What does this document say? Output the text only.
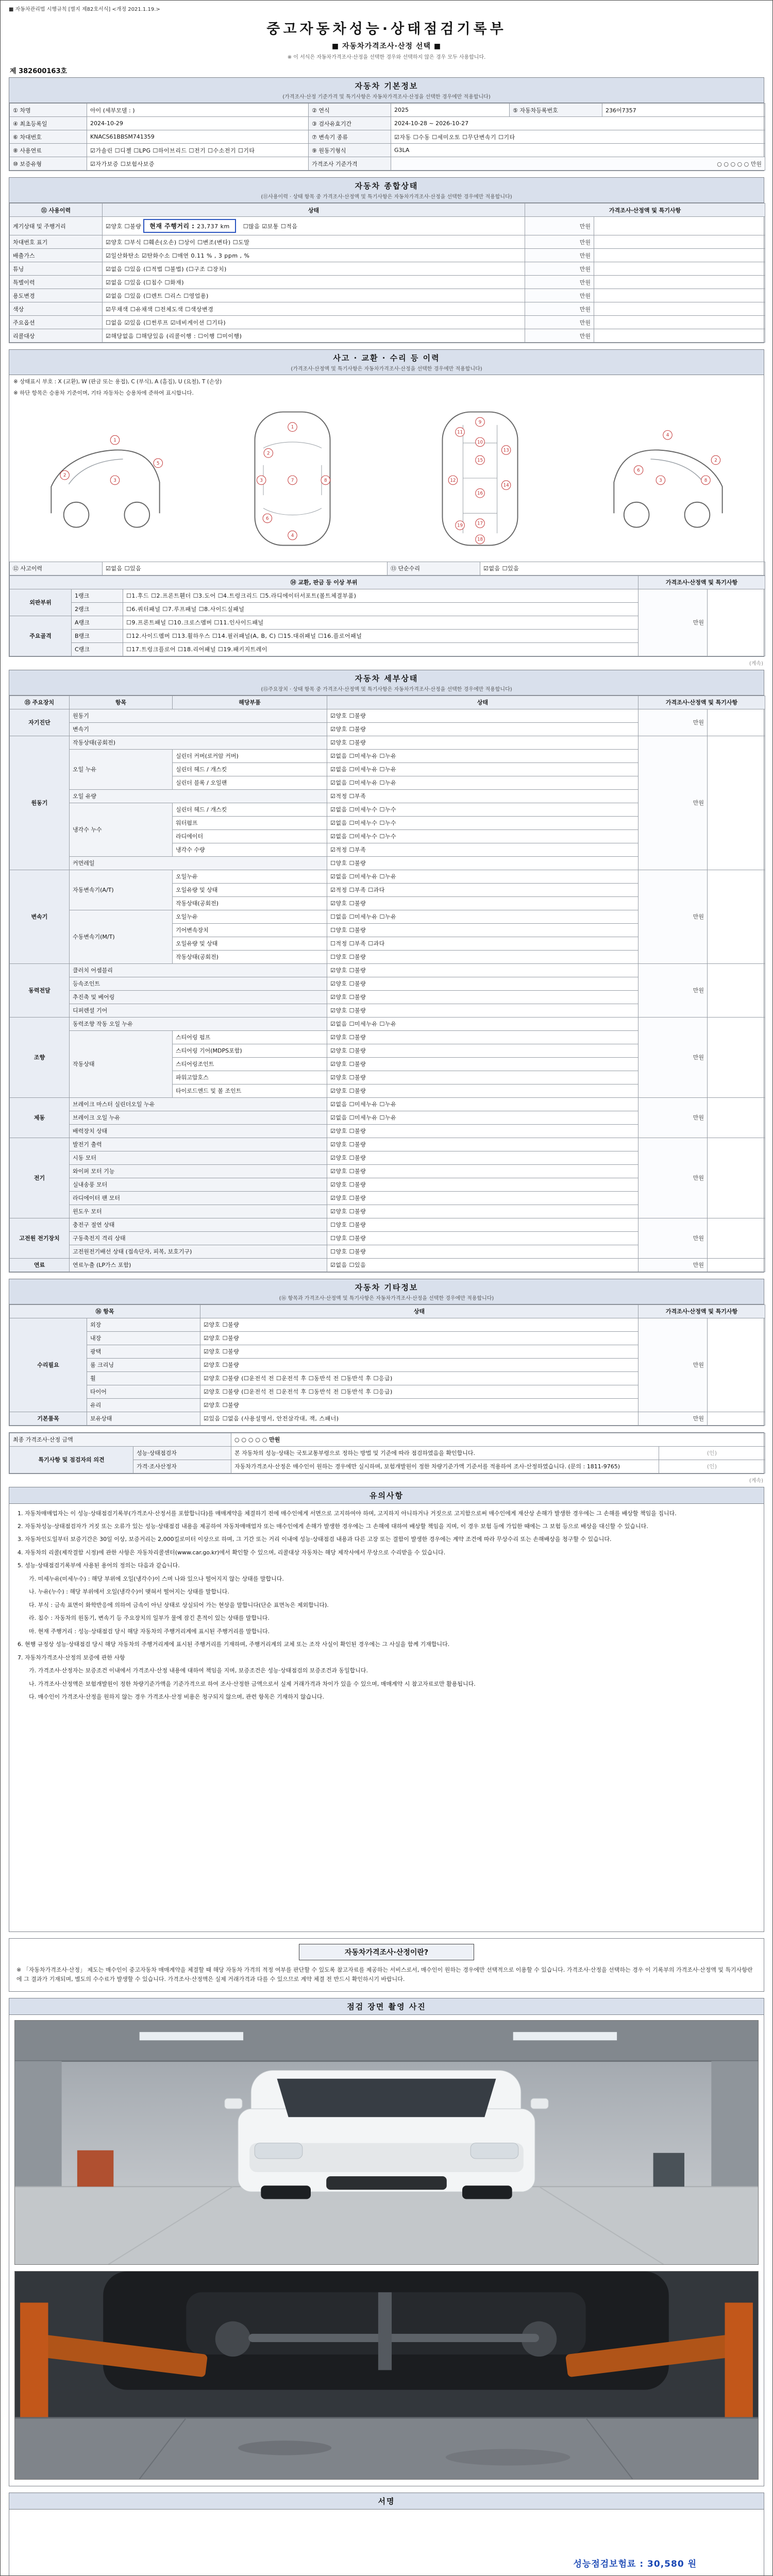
■ 자동차관리법 시행규칙 [별지 제82호서식] <개정 2021.1.19.>
중고자동차성능·상태점검기록부
■ 자동차가격조사·산정 선택 ■
※ 이 서식은 자동차가격조사·산정을 선택한 경우와 선택하지 않은 경우 모두 사용합니다.
제 382600163호
자동차 기본정보
(가격조사·산정 기준가격 및 특기사항은 자동차가격조사·산정을 선택한 경우에만 적용합니다)
① 차명	아이 (세부모델 : )	② 연식	2025	⑤ 자동차등록번호	236어7357
④ 최초등록일	2024-10-29	③ 검사유효기간	2024-10-28 ~ 2026-10-27		
⑥ 차대번호	KNACS61BBSM741359	⑦ 변속기 종류	☑자동 ☐수동 ☐세미오토 ☐무단변속기 ☐기타		
⑧ 사용연료	☑가솔린 ☐디젤 ☐LPG ☐하이브리드 ☐전기 ☐수소전기 ☐기타	⑨ 원동기형식	G3LA		
⑩ 보증유형	☑자가보증 ☐보험사보증	가격조사 기준가격	○ ○ ○ ○ ○ 만원		
자동차 종합상태
(⑪사용이력 · 상태 항목 중 가격조사·산정액 및 특기사항은 자동차가격조사·산정을 선택한 경우에만 적용합니다)
⑪ 사용이력	상태	가격조사·산정액 및 특기사항	
계기상태 및 주행거리	☑양호 ☐불량 현재 주행거리 : 23,737 km ☐많음 ☑보통 ☐적음	만원	
차대번호 표기	☑양호 ☐부식 ☐훼손(오손) ☐상이 ☐변조(변타) ☐도말	만원	
배출가스	☑일산화탄소 ☑탄화수소 ☐매연 0.11 % , 3 ppm , %	만원	
튜닝	☑없음 ☐있음 (☐적법 ☐불법) (☐구조 ☐장치)	만원	
특별이력	☑없음 ☐있음 (☐침수 ☐화재)	만원	
용도변경	☑없음 ☐있음 (☐렌트 ☐리스 ☐영업용)	만원	
색상	☑무채색 ☐유채색 ☐전체도색 ☐색상변경	만원	
주요옵션	☐없음 ☑있음 (☐썬루프 ☑네비게이션 ☐기타)	만원	
리콜대상	☑해당없음 ☐해당있음 (리콜이행 : ☐이행 ☐미이행)	만원	
사고 · 교환 · 수리 등 이력
(가격조사·산정액 및 특기사항은 자동차가격조사·산정을 선택한 경우에만 적용합니다)
※ 상태표시 부호 : X (교환), W (판금 또는 용접), C (부식), A (흠집), U (요철), T (손상)
※ 하단 항목은 승용차 기준이며, 기타 자동차는 승용차에 준하여 표시합니다.
1
2
3
5
1
2
3
4
6
7	8
9
10
11
12
13
14
15
16
17
18
19
3
4
6
8
2
⑫ 사고이력	☑없음 ☐있음	⑬ 단순수리	☑없음 ☐있음
⑭ 교환, 판금 등 이상 부위			가격조사·산정액 및 특기사항	
외판부위	1랭크	☐1.후드 ☐2.프론트휀더 ☐3.도어 ☐4.트렁크리드 ☐5.라디에이터서포트(볼트체결부품)	만원	
	2랭크	☐6.쿼터패널 ☐7.루프패널 ☐8.사이드실패널		
주요골격	A랭크	☐9.프론트패널 ☐10.크로스멤버 ☐11.인사이드패널		
	B랭크	☐12.사이드멤버 ☐13.휠하우스 ☐14.필러패널(A, B, C) ☐15.대쉬패널 ☐16.플로어패널		
	C랭크	☐17.트렁크플로어 ☐18.리어패널 ☐19.패키지트레이		
(계속)
자동차 세부상태
(⑮주요장치 · 상태 항목 중 가격조사·산정액 및 특기사항은 자동차가격조사·산정을 선택한 경우에만 적용합니다)
⑮ 주요장치	항목	해당부품	상태	가격조사·산정액 및 특기사항	
자기진단	원동기		☑양호 ☐불량	만원	
	변속기		☑양호 ☐불량		
원동기	작동상태(공회전)		☑양호 ☐불량	만원	
	오일 누유	실린더 커버(로커암 커버)	☑없음 ☐미세누유 ☐누유		
		실린더 헤드 / 개스킷	☑없음 ☐미세누유 ☐누유		
		실린더 블록 / 오일팬	☑없음 ☐미세누유 ☐누유		
	오일 유량		☑적정 ☐부족		
	냉각수 누수	실린더 헤드 / 개스킷	☑없음 ☐미세누수 ☐누수		
		워터펌프	☑없음 ☐미세누수 ☐누수		
		라디에이터	☑없음 ☐미세누수 ☐누수		
		냉각수 수량	☑적정 ☐부족		
	커먼레일		☐양호 ☐불량		
변속기	자동변속기(A/T)	오일누유	☑없음 ☐미세누유 ☐누유	만원	
		오일유량 및 상태	☑적정 ☐부족 ☐과다		
		작동상태(공회전)	☑양호 ☐불량		
	수동변속기(M/T)	오일누유	☐없음 ☐미세누유 ☐누유		
		기어변속장치	☐양호 ☐불량		
		오일유량 및 상태	☐적정 ☐부족 ☐과다		
		작동상태(공회전)	☐양호 ☐불량		
동력전달	클러치 어셈블리		☑양호 ☐불량	만원	
	등속조인트		☑양호 ☐불량		
	추진축 및 베어링		☑양호 ☐불량		
	디퍼렌셜 기어		☑양호 ☐불량		
조향	동력조향 작동 오일 누유		☑없음 ☐미세누유 ☐누유	만원	
	작동상태	스티어링 펌프	☑양호 ☐불량		
		스티어링 기어(MDPS포함)	☑양호 ☐불량		
		스티어링조인트	☑양호 ☐불량		
		파워고압호스	☑양호 ☐불량		
		타이로드엔드 및 볼 조인트	☑양호 ☐불량		
제동	브레이크 마스터 실린더오일 누유		☑없음 ☐미세누유 ☐누유	만원	
	브레이크 오일 누유		☑없음 ☐미세누유 ☐누유		
	배력장치 상태		☑양호 ☐불량		
전기	발전기 출력		☑양호 ☐불량	만원	
	시동 모터		☑양호 ☐불량		
	와이퍼 모터 기능		☑양호 ☐불량		
	실내송풍 모터		☑양호 ☐불량		
	라디에이터 팬 모터		☑양호 ☐불량		
	윈도우 모터		☑양호 ☐불량		
고전원 전기장치	충전구 절연 상태		☐양호 ☐불량	만원	
	구동축전지 격리 상태		☐양호 ☐불량		
	고전원전기배선 상태 (접속단자, 피복, 보호기구)		☐양호 ☐불량		
연료	연료누출 (LP가스 포함)		☑없음 ☐있음	만원	
자동차 기타정보
(⑯ 항목과 가격조사·산정액 및 특기사항은 자동차가격조사·산정을 선택한 경우에만 적용합니다)
⑯ 항목		상태	가격조사·산정액 및 특기사항	
수리필요	외장	☑양호 ☐불량	만원	
	내장	☑양호 ☐불량		
	광택	☑양호 ☐불량		
	룸 크리닝	☑양호 ☐불량		
	휠	☑양호 ☐불량 (☐운전석 전 ☐운전석 후 ☐동반석 전 ☐동반석 후 ☐응급)		
	타이어	☑양호 ☐불량 (☐운전석 전 ☐운전석 후 ☐동반석 전 ☐동반석 후 ☐응급)		
	유리	☑양호 ☐불량		
기본품목	보유상태	☑있음 ☐없음 (사용설명서, 안전삼각대, 잭, 스패너)	만원	
최종 가격조사·산정 금액		○ ○ ○ ○ ○ 만원	
특기사항 및 점검자의 의견	성능·상태점검자	본 자동차의 성능·상태는 국토교통부령으로 정하는 방법 및 기준에 따라 점검하였음을 확인합니다.	(인)
	가격·조사산정자	자동차가격조사·산정은 매수인이 원하는 경우에만 실시하며, 보험개발원이 정한 차량기준가액 기준서를 적용하여 조사·산정하였습니다. (문의 : 1811-9765)	(인)
(계속)
유의사항
1. 자동차매매업자는 이 성능·상태점검기록부(가격조사·산정서를 포함합니다)를 매매계약을 체결하기 전에 매수인에게 서면으로 고지하여야 하며, 고지하지 아니하거나 거짓으로 고지함으로써 매수인에게 재산상 손해가 발생한 경우에는 그 손해를 배상할 책임을 집니다.
2. 자동차성능·상태점검자가 거짓 또는 오류가 있는 성능·상태점검 내용을 제공하여 자동차매매업자 또는 매수인에게 손해가 발생한 경우에는 그 손해에 대하여 배상할 책임을 지며, 이 경우 보험 등에 가입한 때에는 그 보험 등으로 배상을 대신할 수 있습니다.
3. 자동차인도일부터 보증기간은 30일 이상, 보증거리는 2,000킬로미터 이상으로 하며, 그 기간 또는 거리 이내에 성능·상태점검 내용과 다른 고장 또는 결함이 발생한 경우에는 계약 조건에 따라 무상수리 또는 손해배상을 청구할 수 있습니다.
4. 자동차의 리콜(제작결함 시정)에 관한 사항은 자동차리콜센터(www.car.go.kr)에서 확인할 수 있으며, 리콜대상 자동차는 해당 제작사에서 무상으로 수리받을 수 있습니다.
5. 성능·상태점검기록부에 사용된 용어의 정의는 다음과 같습니다.
가. 미세누유(미세누수) : 해당 부위에 오일(냉각수)이 스며 나와 있으나 떨어지지 않는 상태를 말합니다.
나. 누유(누수) : 해당 부위에서 오일(냉각수)이 맺혀서 떨어지는 상태를 말합니다.
다. 부식 : 금속 표면이 화학반응에 의하여 금속이 아닌 상태로 상실되어 가는 현상을 말합니다(단순 표면녹은 제외합니다).
라. 침수 : 자동차의 원동기, 변속기 등 주요장치의 일부가 물에 잠긴 흔적이 있는 상태를 말합니다.
마. 현재 주행거리 : 성능·상태점검 당시 해당 자동차의 주행거리계에 표시된 주행거리를 말합니다.
6. 현행 규정상 성능·상태점검 당시 해당 자동차의 주행거리계에 표시된 주행거리를 기재하며, 주행거리계의 교체 또는 조작 사실이 확인된 경우에는 그 사실을 함께 기재합니다.
7. 자동차가격조사·산정의 보증에 관한 사항
가. 가격조사·산정자는 보증조건 이내에서 가격조사·산정 내용에 대하여 책임을 지며, 보증조건은 성능·상태점검의 보증조건과 동일합니다.
나. 가격조사·산정액은 보험개발원이 정한 차량기준가액을 기준가격으로 하여 조사·산정한 금액으로서 실제 거래가격과 차이가 있을 수 있으며, 매매계약 시 참고자료로만 활용됩니다.
다. 매수인이 가격조사·산정을 원하지 않는 경우 가격조사·산정 비용은 청구되지 않으며, 관련 항목은 기재하지 않습니다.
자동차가격조사·산정이란?
※ 「자동차가격조사·산정」 제도는 매수인이 중고자동차 매매계약을 체결할 때 해당 자동차 가격의 적정 여부를 판단할 수 있도록 참고자료를 제공하는 서비스로서, 매수인이 원하는 경우에만 선택적으로 이용할 수 있습니다. 가격조사·산정을 선택하는 경우 이 기록부의 가격조사·산정액 및 특기사항란에 그 결과가 기재되며, 별도의 수수료가 발생할 수 있습니다. 가격조사·산정액은 실제 거래가격과 다를 수 있으므로 계약 체결 전 반드시 확인하시기 바랍니다.
점검 장면 촬영 사진
서명
성능점검보험료 : 30,580 원
